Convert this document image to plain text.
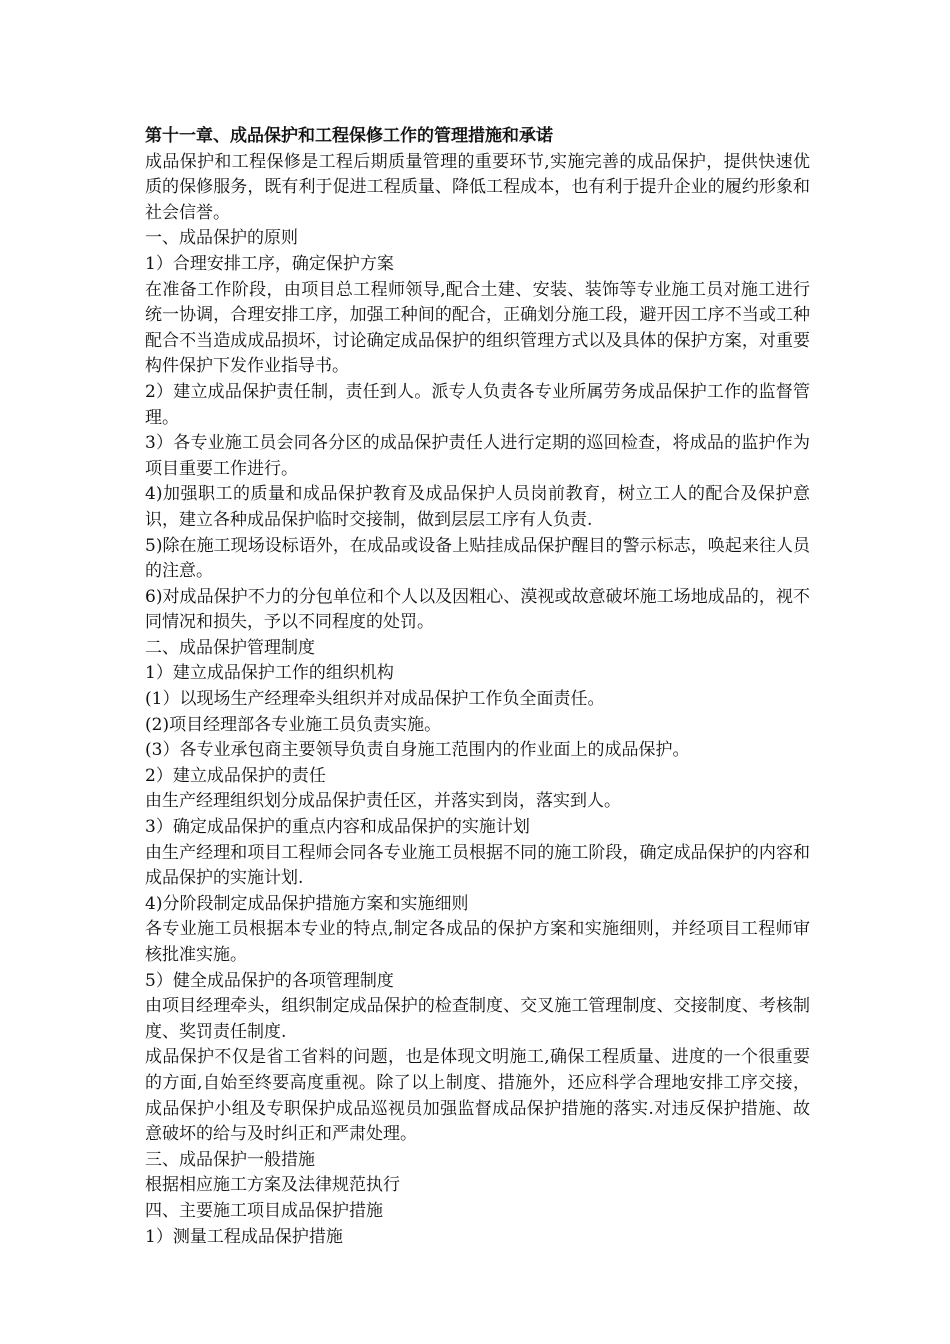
第十一章、成品保护和工程保修工作的管理措施和承诺

成品保护和工程保修是工程后期质量管理的重要环节,实施完善的成品保护，提供快速优质的保修服务，既有利于促进工程质量、降低工程成本，也有利于提升企业的履约形象和社会信誉。

一、成品保护的原则

1）合理安排工序，确定保护方案

在准备工作阶段，由项目总工程师领导,配合土建、安装、装饰等专业施工员对施工进行统一协调，合理安排工序，加强工种间的配合，正确划分施工段，避开因工序不当或工种配合不当造成成品损坏，讨论确定成品保护的组织管理方式以及具体的保护方案，对重要构件保护下发作业指导书。

2）建立成品保护责任制，责任到人。派专人负责各专业所属劳务成品保护工作的监督管理。

3）各专业施工员会同各分区的成品保护责任人进行定期的巡回检查，将成品的监护作为项目重要工作进行。

4)加强职工的质量和成品保护教育及成品保护人员岗前教育，树立工人的配合及保护意识，建立各种成品保护临时交接制，做到层层工序有人负责.

5)除在施工现场设标语外，在成品或设备上贴挂成品保护醒目的警示标志，唤起来往人员的注意。

6)对成品保护不力的分包单位和个人以及因粗心、漠视或故意破坏施工场地成品的，视不同情况和损失，予以不同程度的处罚。

二、成品保护管理制度

1）建立成品保护工作的组织机构

(1）以现场生产经理牵头组织并对成品保护工作负全面责任。

(2)项目经理部各专业施工员负责实施。

(3）各专业承包商主要领导负责自身施工范围内的作业面上的成品保护。

2）建立成品保护的责任

由生产经理组织划分成品保护责任区，并落实到岗，落实到人。

3）确定成品保护的重点内容和成品保护的实施计划

由生产经理和项目工程师会同各专业施工员根据不同的施工阶段，确定成品保护的内容和成品保护的实施计划.

4)分阶段制定成品保护措施方案和实施细则

各专业施工员根据本专业的特点,制定各成品的保护方案和实施细则，并经项目工程师审核批准实施。

5）健全成品保护的各项管理制度

由项目经理牵头，组织制定成品保护的检查制度、交叉施工管理制度、交接制度、考核制度、奖罚责任制度.

成品保护不仅是省工省料的问题，也是体现文明施工,确保工程质量、进度的一个很重要的方面,自始至终要高度重视。除了以上制度、措施外，还应科学合理地安排工序交接，成品保护小组及专职保护成品巡视员加强监督成品保护措施的落实.对违反保护措施、故意破坏的给与及时纠正和严肃处理。

三、成品保护一般措施

根据相应施工方案及法律规范执行

四、主要施工项目成品保护措施

1）测量工程成品保护措施
